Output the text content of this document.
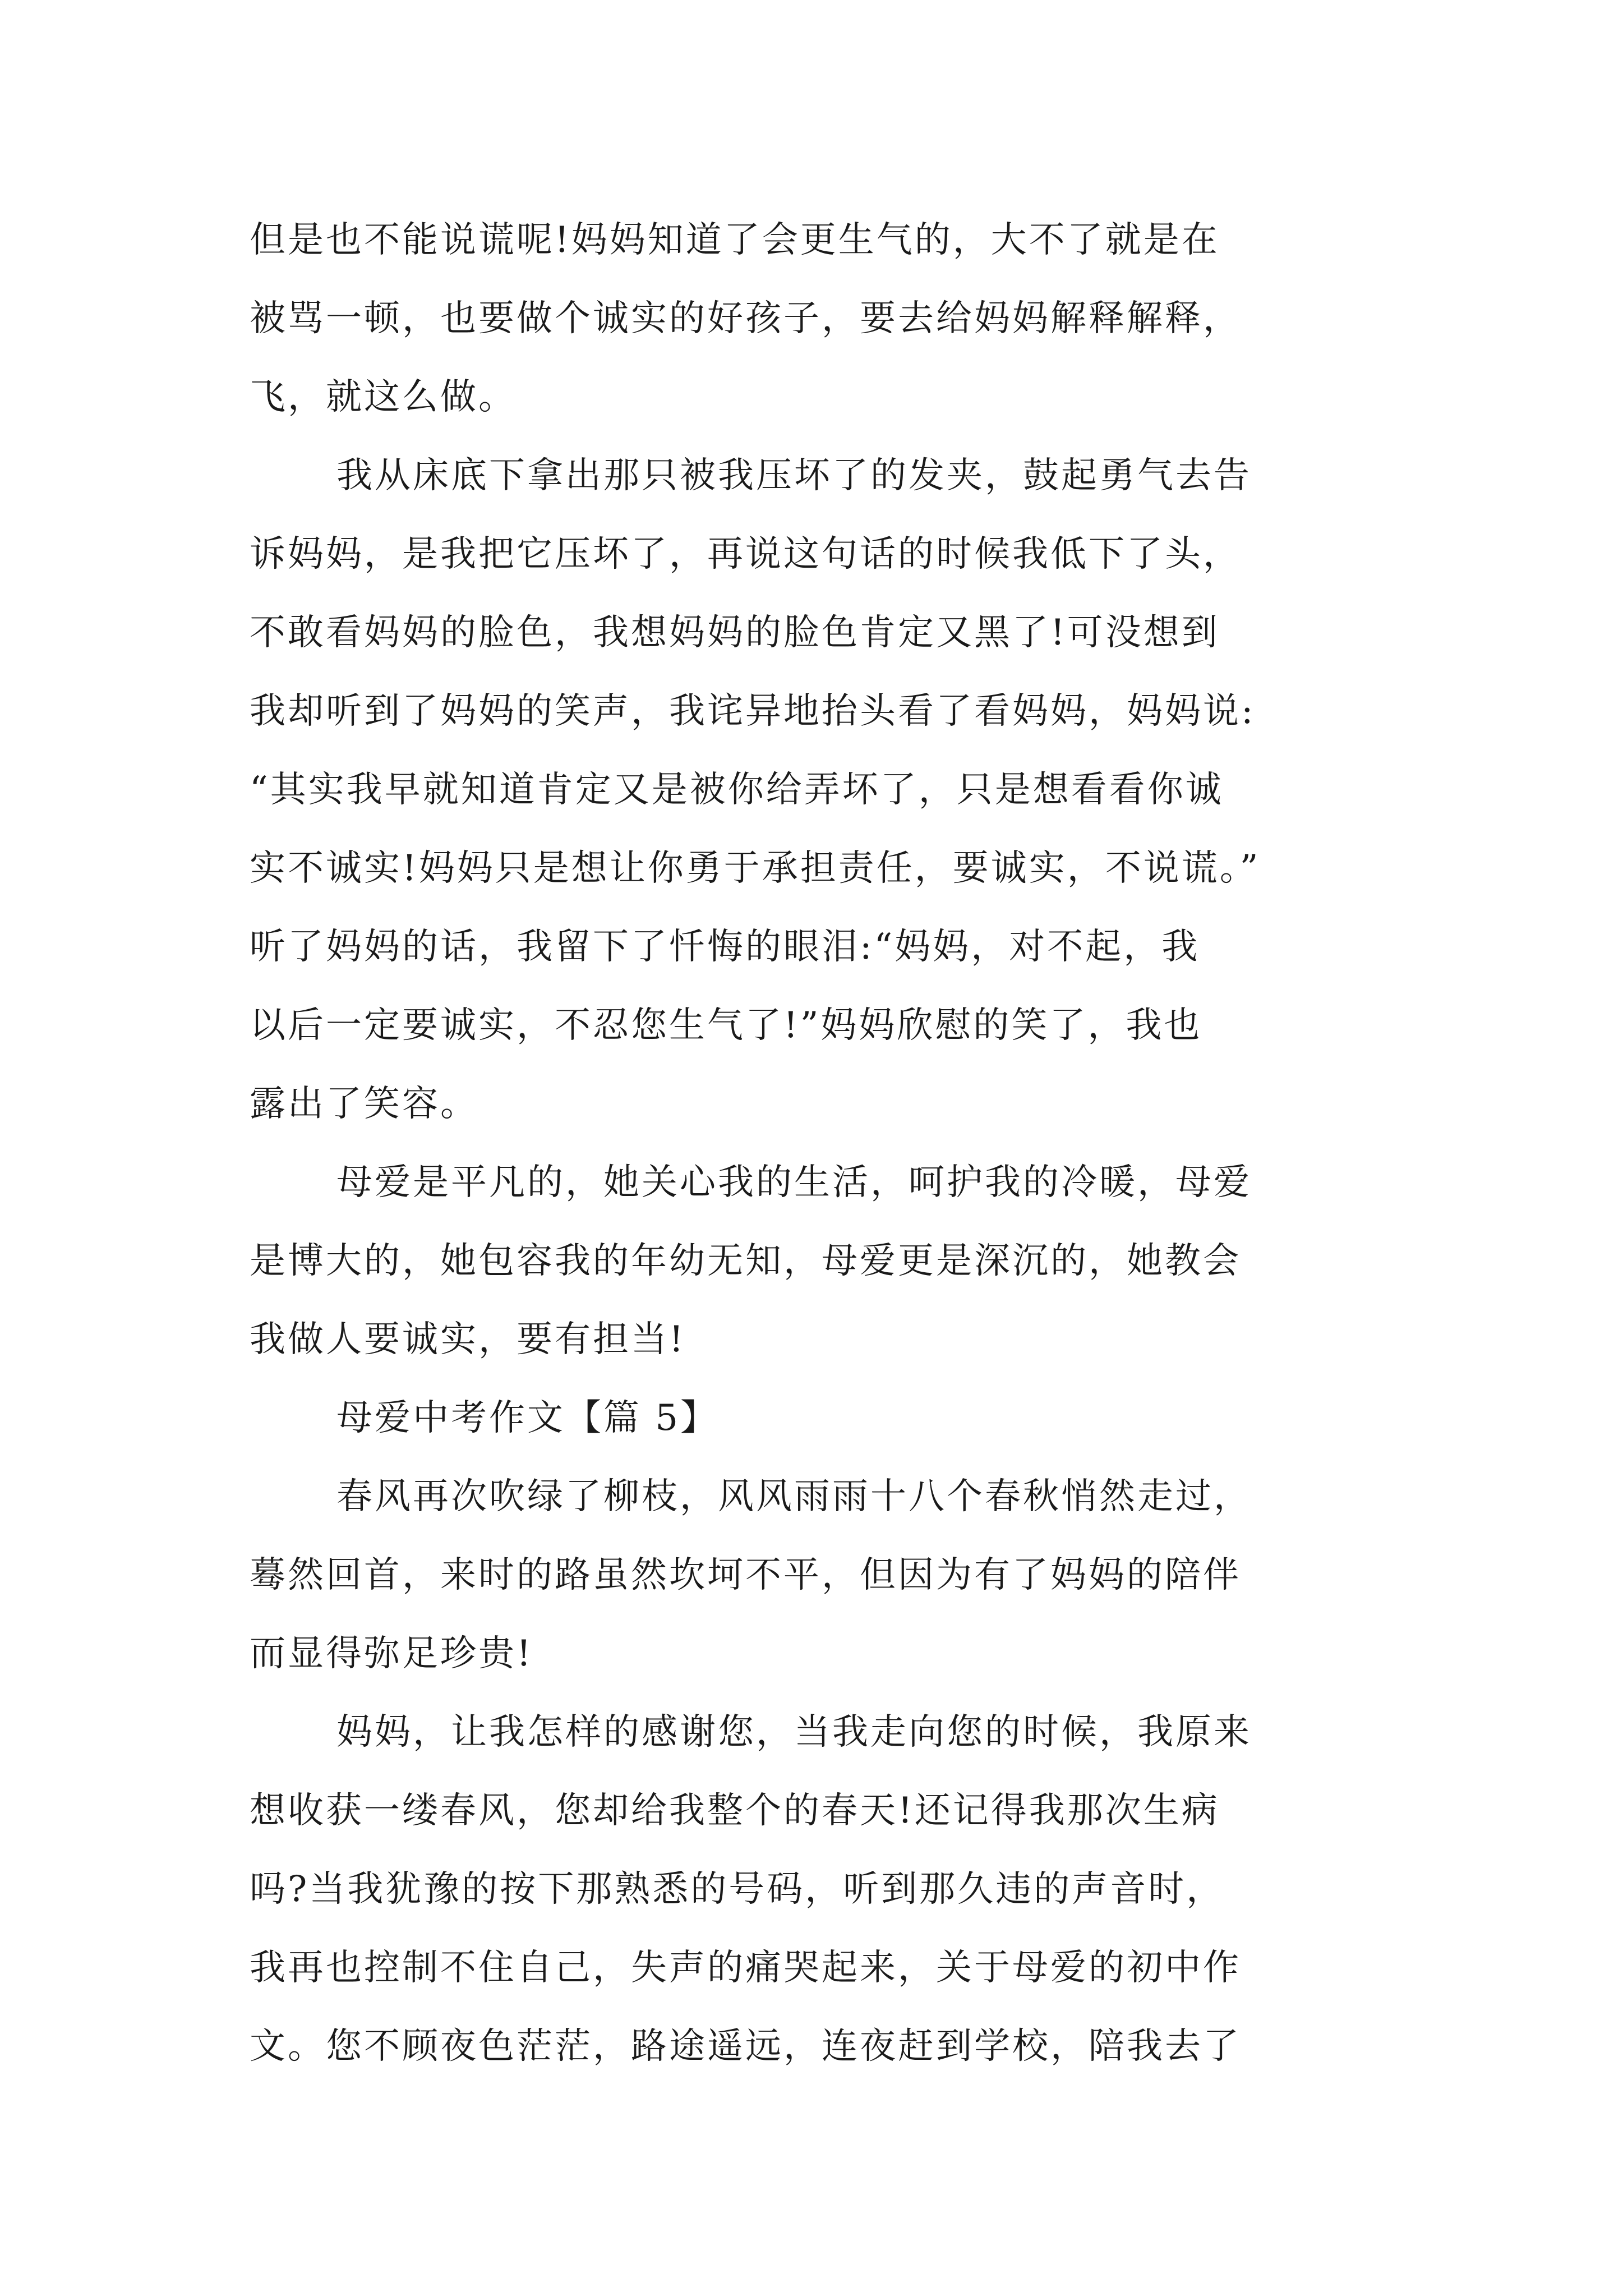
但是也不能说谎呢!妈妈知道了会更生气的，大不了就是在
被骂一顿，也要做个诚实的好孩子，要去给妈妈解释解释，
飞，就这么做。
我从床底下拿出那只被我压坏了的发夹，鼓起勇气去告
诉妈妈，是我把它压坏了，再说这句话的时候我低下了头，
不敢看妈妈的脸色，我想妈妈的脸色肯定又黑了!可没想到
我却听到了妈妈的笑声，我诧异地抬头看了看妈妈，妈妈说:
“其实我早就知道肯定又是被你给弄坏了，只是想看看你诚
实不诚实!妈妈只是想让你勇于承担责任，要诚实，不说谎。”
听了妈妈的话，我留下了忏悔的眼泪:“妈妈，对不起，我
以后一定要诚实，不忍您生气了!”妈妈欣慰的笑了，我也
露出了笑容。
母爱是平凡的，她关心我的生活，呵护我的冷暖，母爱
是博大的，她包容我的年幼无知，母爱更是深沉的，她教会
我做人要诚实，要有担当!
母爱中考作文【篇 5】
春风再次吹绿了柳枝，风风雨雨十八个春秋悄然走过，
蓦然回首，来时的路虽然坎坷不平，但因为有了妈妈的陪伴
而显得弥足珍贵!
妈妈，让我怎样的感谢您，当我走向您的时候，我原来
想收获一缕春风，您却给我整个的春天!还记得我那次生病
吗?当我犹豫的按下那熟悉的号码，听到那久违的声音时，
我再也控制不住自己，失声的痛哭起来，关于母爱的初中作
文。您不顾夜色茫茫，路途遥远，连夜赶到学校，陪我去了
